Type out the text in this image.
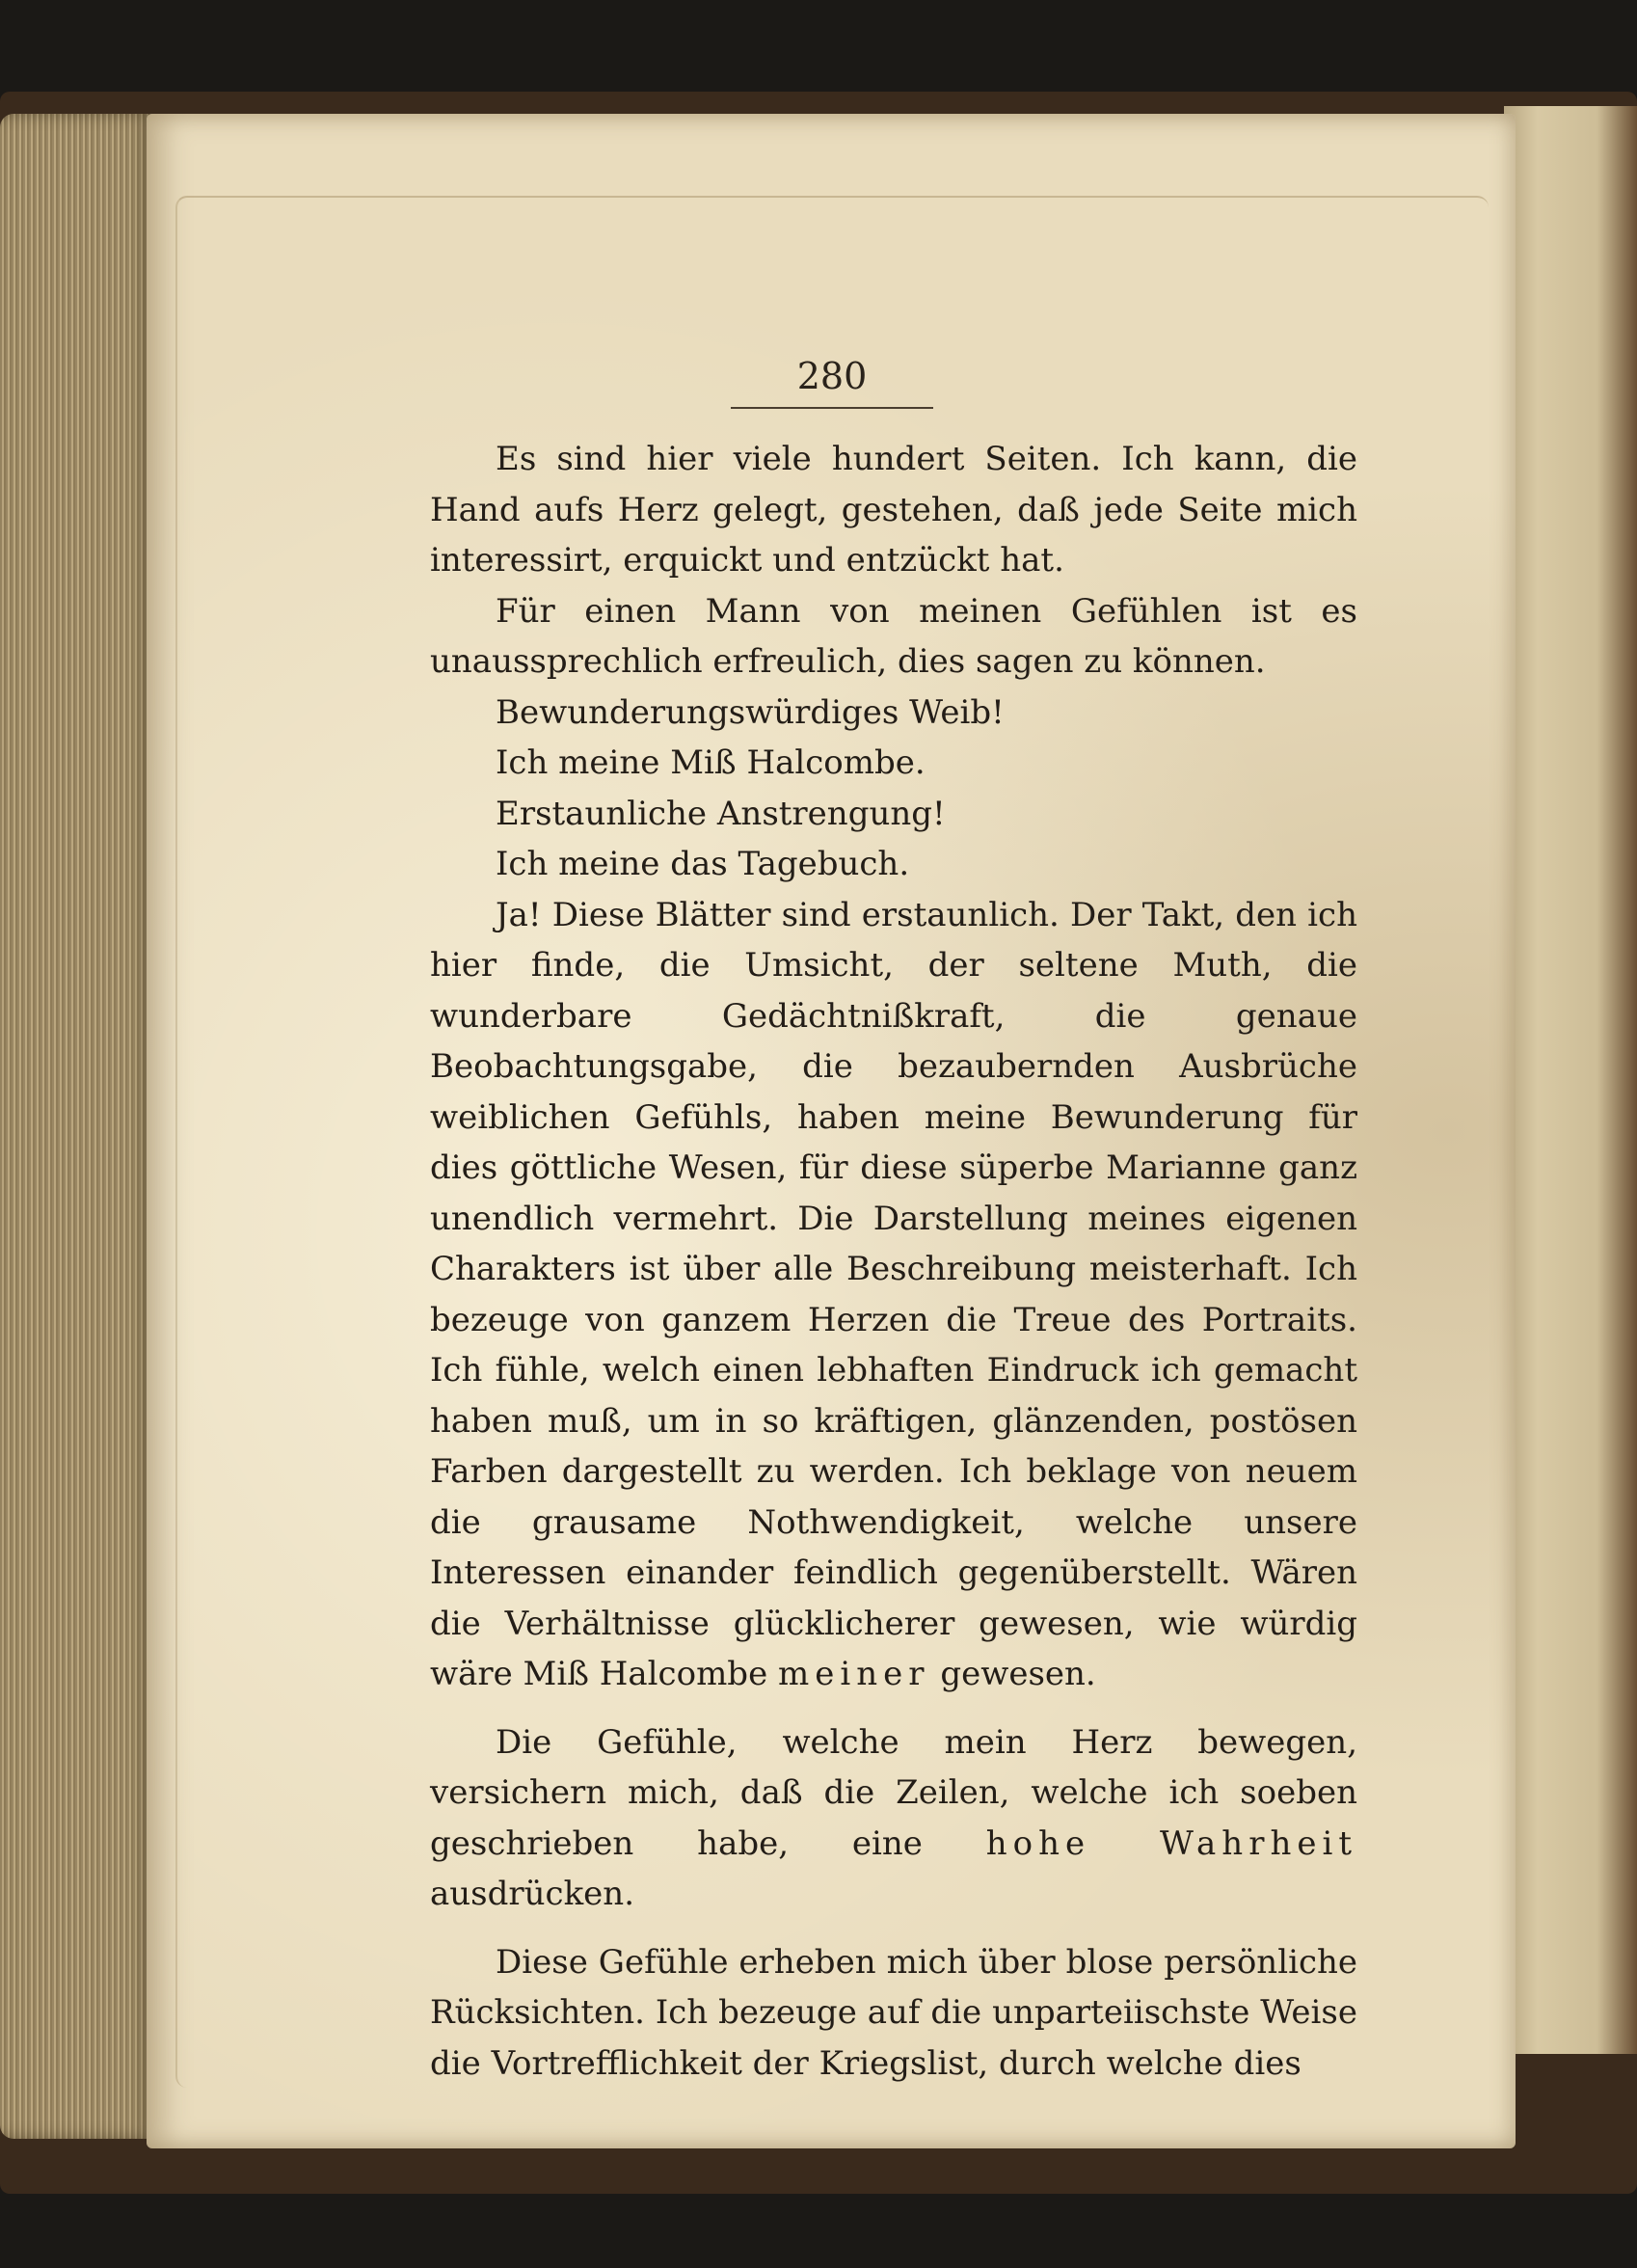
280

Es sind hier viele hundert Seiten. Ich kann, die Hand aufs Herz gelegt, gestehen, daß jede Seite mich interessirt, erquickt und entzückt hat.

Für einen Mann von meinen Gefühlen ist es unaussprechlich erfreulich, dies sagen zu können.

Bewunderungswürdiges Weib!

Ich meine Miß Halcombe.

Erstaunliche Anstrengung!

Ich meine das Tagebuch.

Ja! Diese Blätter sind erstaunlich. Der Takt, den ich hier finde, die Umsicht, der seltene Muth, die wunderbare Gedächtnißkraft, die genaue Beobachtungsgabe, die bezaubernden Ausbrüche weiblichen Gefühls, haben meine Bewunderung für dies göttliche Wesen, für diese süperbe Marianne ganz unendlich vermehrt. Die Darstellung meines eigenen Charakters ist über alle Beschreibung meisterhaft. Ich bezeuge von ganzem Herzen die Treue des Portraits. Ich fühle, welch einen lebhaften Eindruck ich gemacht haben muß, um in so kräftigen, glänzenden, postösen Farben dargestellt zu werden. Ich beklage von neuem die grausame Nothwendigkeit, welche unsere Interessen einander feindlich gegenüberstellt. Wären die Verhältnisse glücklicherer gewesen, wie würdig wäre Miß Halcombe meiner gewesen.

Die Gefühle, welche mein Herz bewegen, versichern mich, daß die Zeilen, welche ich soeben geschrieben habe, eine hohe Wahrheit ausdrücken.

Diese Gefühle erheben mich über blose persönliche Rücksichten. Ich bezeuge auf die unparteiischste Weise die Vortrefflichkeit der Kriegslist, durch welche dies
